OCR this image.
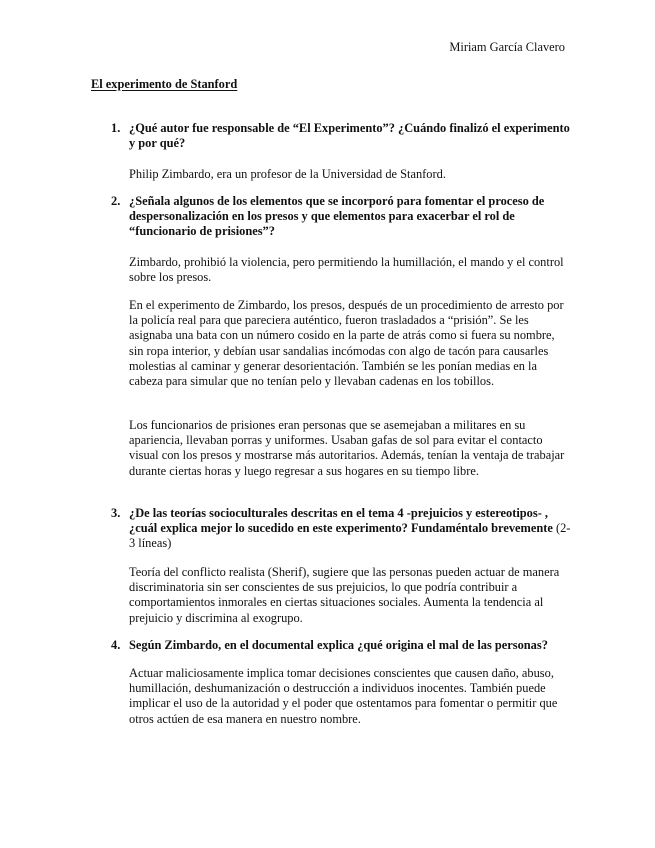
Miriam García Clavero
El experimento de Stanford
1. ¿Qué autor fue responsable de “El Experimento”? ¿Cuándo finalizó el experimento y por qué?

Philip Zimbardo, era un profesor de la Universidad de Stanford.

2. ¿Señala algunos de los elementos que se incorporó para fomentar el proceso de despersonalización en los presos y que elementos para exacerbar el rol de “funcionario de prisiones”?

Zimbardo, prohibió la violencia, pero permitiendo la humillación, el mando y el control sobre los presos.

En el experimento de Zimbardo, los presos, después de un procedimiento de arresto por la policía real para que pareciera auténtico, fueron trasladados a “prisión”. Se les asignaba una bata con un número cosido en la parte de atrás como si fuera su nombre, sin ropa interior, y debían usar sandalias incómodas con algo de tacón para causarles molestias al caminar y generar desorientación. También se les ponían medias en la cabeza para simular que no tenían pelo y llevaban cadenas en los tobillos.

Los funcionarios de prisiones eran personas que se asemejaban a militares en su apariencia, llevaban porras y uniformes. Usaban gafas de sol para evitar el contacto visual con los presos y mostrarse más autoritarios. Además, tenían la ventaja de trabajar durante ciertas horas y luego regresar a sus hogares en su tiempo libre.

3. ¿De las teorías socioculturales descritas en el tema 4 -prejuicios y estereotipos- , ¿cuál explica mejor lo sucedido en este experimento? Fundaméntalo brevemente (2-3 líneas)

Teoría del conflicto realista (Sherif), sugiere que las personas pueden actuar de manera discriminatoria sin ser conscientes de sus prejuicios, lo que podría contribuir a comportamientos inmorales en ciertas situaciones sociales. Aumenta la tendencia al prejuicio y discrimina al exogrupo.

4. Según Zimbardo, en el documental explica ¿qué origina el mal de las personas?

Actuar maliciosamente implica tomar decisiones conscientes que causen daño, abuso, humillación, deshumanización o destrucción a individuos inocentes. También puede implicar el uso de la autoridad y el poder que ostentamos para fomentar o permitir que otros actúen de esa manera en nuestro nombre.
